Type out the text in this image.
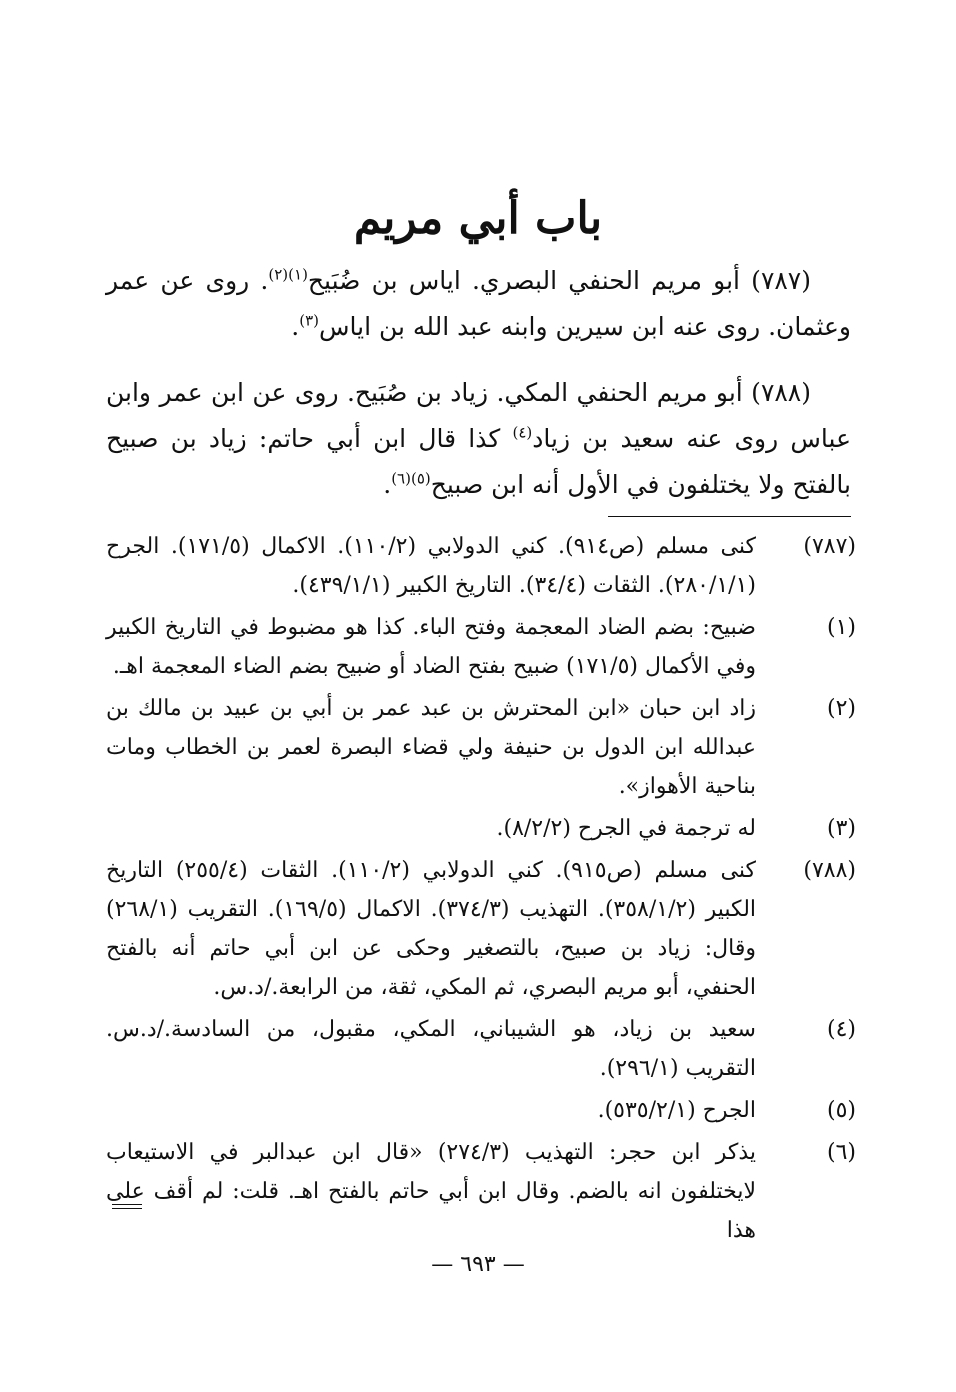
باب أبي مريم

(٧٨٧) أبو مريم الحنفي البصري. اياس بن ضُبَيح$^{(١)(٢)}$. روى عن عمر وعثمان. روى عنه ابن سيرين وابنه عبد الله بن اياس$^{(٣)}$.

(٧٨٨) أبو مريم الحنفي المكي. زياد بن صُبَيح. روى عن ابن عمر وابن عباس روى عنه سعيد بن زياد$^{(٤)}$ كذا قال ابن أبي حاتم: زياد بن صبيح بالفتح ولا يختلفون في الأول أنه ابن صبيح$^{(٥)(٦)}$.

(٧٨٧)
كنى مسلم (ص٩١٤). كني الدولابي (١١٠/٢). الاكمال (١٧١/٥). الجرح (٢٨٠/١/١). الثقات (٣٤/٤). التاريخ الكبير (٤٣٩/١/١).
(١)
ضبيح: بضم الضاد المعجمة وفتح الباء. كذا هو مضبوط في التاريخ الكبير وفي الأكمال (١٧١/٥) ضبيح بفتح الضاد أو ضبيح بضم الضاء المعجمة اهـ.
(٢)
زاد ابن حبان «ابن المحترش بن عبد عمر بن أبي بن عبيد بن مالك بن عبدالله ابن الدول بن حنيفة ولي قضاء البصرة لعمر بن الخطاب ومات بناحية الأهواز».
(٣)
له ترجمة في الجرح (٨/٢/٢).
(٧٨٨)
كنى مسلم (ص٩١٥). كني الدولابي (١١٠/٢). الثقات (٢٥٥/٤) التاريخ الكبير (٣٥٨/١/٢). التهذيب (٣٧٤/٣). الاكمال (١٦٩/٥). التقريب (٢٦٨/١) وقال: زياد بن صبيح، بالتصغير وحكى عن ابن أبي حاتم أنه بالفتح الحنفي، أبو مريم البصري، ثم المكي، ثقة، من الرابعة./د.س.
(٤)
سعيد بن زياد، هو الشيباني، المكي، مقبول، من السادسة./د.س. التقريب (٢٩٦/١).
(٥)
الجرح (٥٣٥/٢/١).
(٦)
يذكر ابن حجر: التهذيب (٢٧٤/٣) «قال ابن عبدالبر في الاستيعاب لايختلفون انه بالضم. وقال ابن أبي حاتم بالفتح اهـ. قلت: لم أقف على هذا
— ٦٩٣ —
